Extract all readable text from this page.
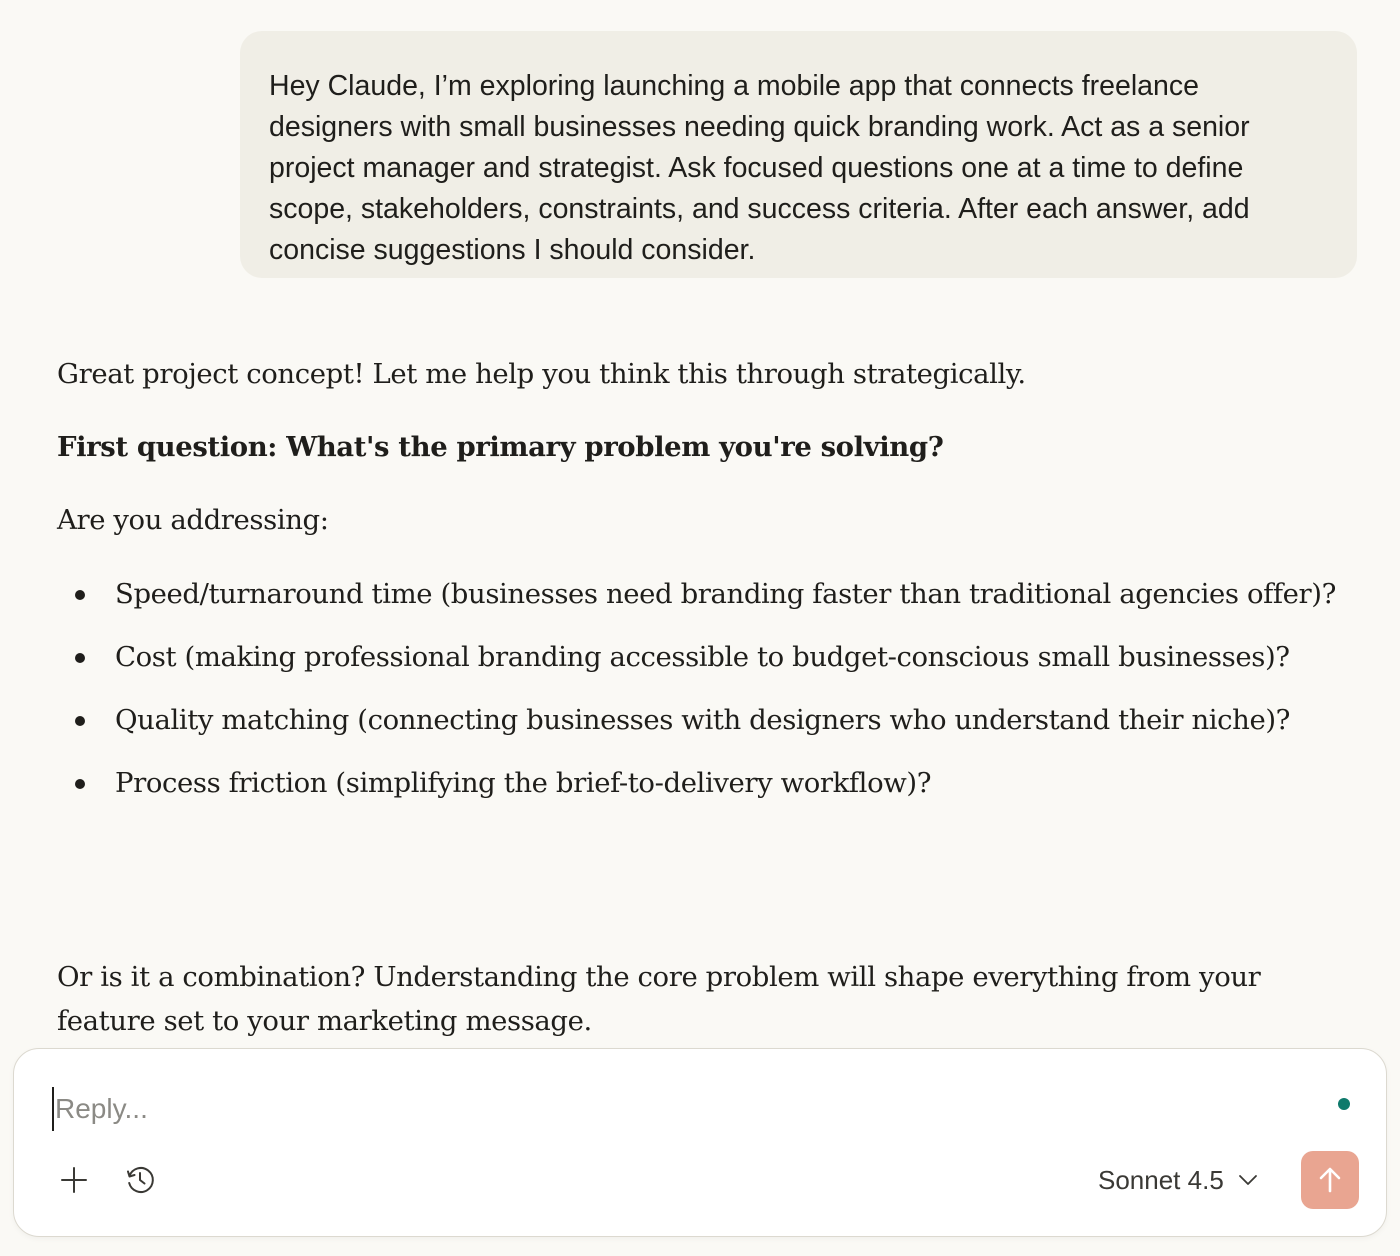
Hey Claude, I’m exploring launching a mobile app that connects freelance designers with small businesses needing quick branding work. Act as a senior project manager and strategist. Ask focused questions one at a time to define scope, stakeholders, constraints, and success criteria. After each answer, add concise suggestions I should consider.

Great project concept! Let me help you think this through strategically.

First question: What's the primary problem you're solving?

Are you addressing:

Speed/turnaround time (businesses need branding faster than traditional agencies offer)?
Cost (making professional branding accessible to budget-conscious small businesses)?
Quality matching (connecting businesses with designers who understand their niche)?
Process friction (simplifying the brief-to-delivery workflow)?

Or is it a combination? Understanding the core problem will shape everything from your feature set to your marketing message.

Reply...
Sonnet 4.5
